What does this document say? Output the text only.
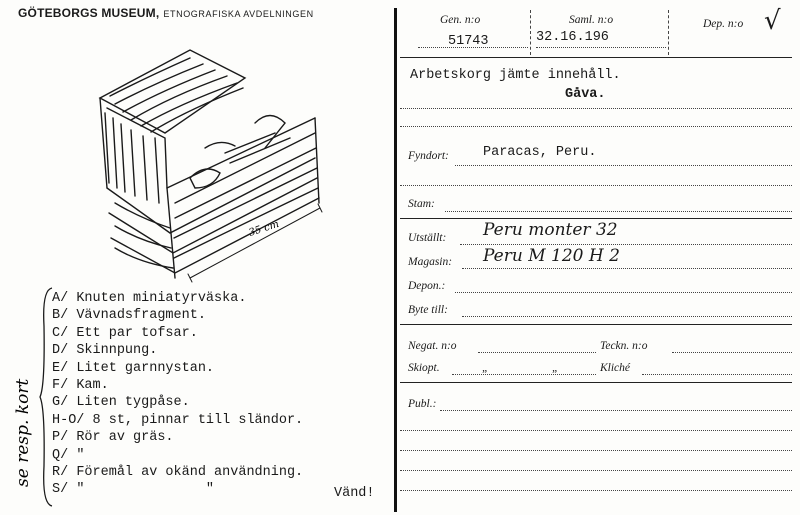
GÖTEBORGS MUSEUM, ETNOGRAFISKA AVDELNINGEN
35 cm
se resp. kort
A/ Knuten miniatyrväska.
B/ Vävnadsfragment.
C/ Ett par tofsar.
D/ Skinnpung.
E/ Litet garnnystan.
F/ Kam.
G/ Liten tygpåse.
H-O/ 8 st, pinnar till sländor.
P/ Rör av gräs.
Q/ "
R/ Föremål av okänd användning.
S/ "               "	Vänd!
Gen. n:o
51743
Saml. n:o
32.16.196
Dep. n:o √
Arbetskorg jämte innehåll.
Gåva.
Fyndort:	Paracas, Peru.
Stam:
Utställt: Peru monter 32
Magasin: Peru M 120 H 2
Depon.:
Byte till:
Negat. n:o	Teckn. n:o
Skiopt.	„	„	Kliché
Publ.:
